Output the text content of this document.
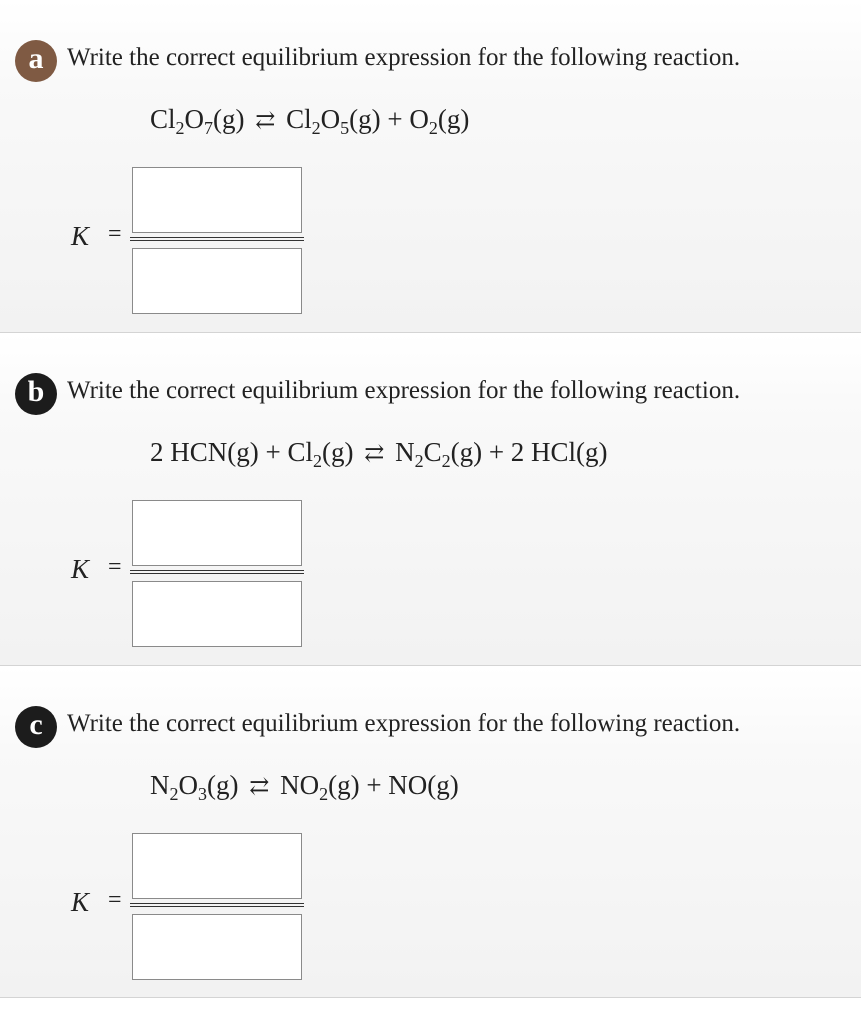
a Write the correct equilibrium expression for the following reaction.
$Cl_2O_7(g)$ ⇄ $Cl_2O_5(g) + O_2(g)$
K =
b Write the correct equilibrium expression for the following reaction.
2 $HCN(g) + Cl_2(g)$ ⇄ $N_2C_2(g) + 2$ HCl(g)
K =
c Write the correct equilibrium expression for the following reaction.
$N_2O_3(g)$ ⇄ $NO_2(g) + NO(g)$
K =
